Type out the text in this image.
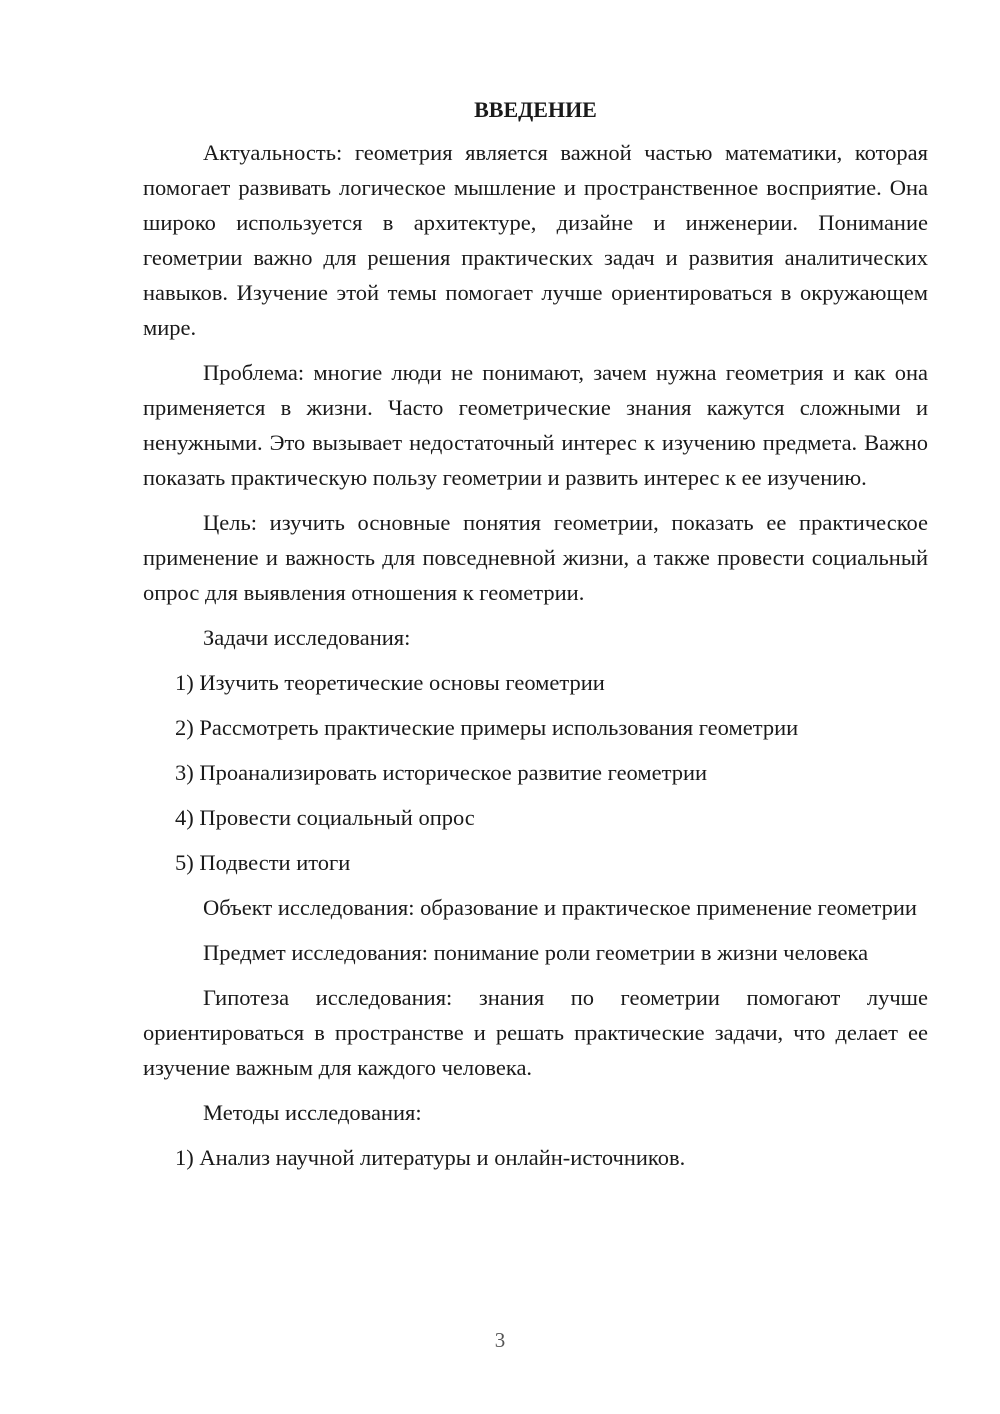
ВВЕДЕНИЕ

Актуальность: геометрия является важной частью математики, которая помогает развивать логическое мышление и пространственное восприятие. Она широко используется в архитектуре, дизайне и инженерии. Понимание геометрии важно для решения практических задач и развития аналитических навыков. Изучение этой темы помогает лучше ориентироваться в окружающем мире.

Проблема: многие люди не понимают, зачем нужна геометрия и как она применяется в жизни. Часто геометрические знания кажутся сложными и ненужными. Это вызывает недостаточный интерес к изучению предмета. Важно показать практическую пользу геометрии и развить интерес к ее изучению.

Цель: изучить основные понятия геометрии, показать ее практическое применение и важность для повседневной жизни, а также провести социальный опрос для выявления отношения к геометрии.

Задачи исследования:

1) Изучить теоретические основы геометрии
2) Рассмотреть практические примеры использования геометрии
3) Проанализировать историческое развитие геометрии
4) Провести социальный опрос
5) Подвести итоги

Объект исследования: образование и практическое применение геометрии

Предмет исследования: понимание роли геометрии в жизни человека

Гипотеза исследования: знания по геометрии помогают лучше ориентироваться в пространстве и решать практические задачи, что делает ее изучение важным для каждого человека.

Методы исследования:

1) Анализ научной литературы и онлайн-источников.
3
